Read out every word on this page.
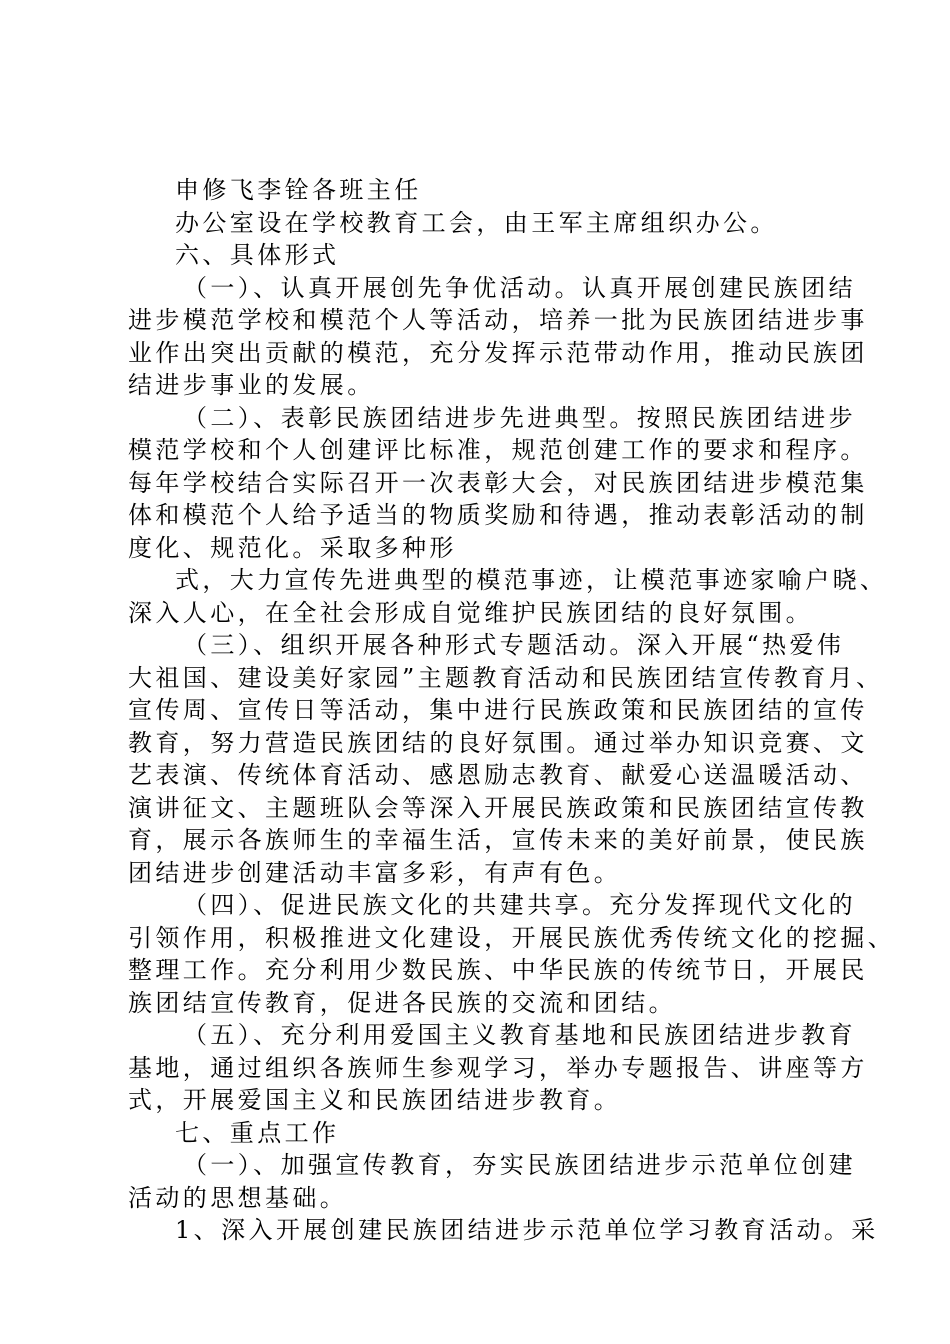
申修飞李铨各班主任
办公室设在学校教育工会，由王军主席组织办公。
六、具体形式
（一）、认真开展创先争优活动。认真开展创建民族团结
进步模范学校和模范个人等活动，培养一批为民族团结进步事
业作出突出贡献的模范，充分发挥示范带动作用，推动民族团
结进步事业的发展。
（二）、表彰民族团结进步先进典型。按照民族团结进步
模范学校和个人创建评比标准，规范创建工作的要求和程序。
每年学校结合实际召开一次表彰大会，对民族团结进步模范集
体和模范个人给予适当的物质奖励和待遇，推动表彰活动的制
度化、规范化。采取多种形
式，大力宣传先进典型的模范事迹，让模范事迹家喻户晓、
深入人心，在全社会形成自觉维护民族团结的良好氛围。
（三）、组织开展各种形式专题活动。深入开展“热爱伟
大祖国、建设美好家园”主题教育活动和民族团结宣传教育月、
宣传周、宣传日等活动，集中进行民族政策和民族团结的宣传
教育，努力营造民族团结的良好氛围。通过举办知识竞赛、文
艺表演、传统体育活动、感恩励志教育、献爱心送温暖活动、
演讲征文、主题班队会等深入开展民族政策和民族团结宣传教
育，展示各族师生的幸福生活，宣传未来的美好前景，使民族
团结进步创建活动丰富多彩，有声有色。
（四）、促进民族文化的共建共享。充分发挥现代文化的
引领作用，积极推进文化建设，开展民族优秀传统文化的挖掘、
整理工作。充分利用少数民族、中华民族的传统节日，开展民
族团结宣传教育，促进各民族的交流和团结。
（五）、充分利用爱国主义教育基地和民族团结进步教育
基地，通过组织各族师生参观学习，举办专题报告、讲座等方
式，开展爱国主义和民族团结进步教育。
七、重点工作
（一）、加强宣传教育，夯实民族团结进步示范单位创建
活动的思想基础。
1、深入开展创建民族团结进步示范单位学习教育活动。采
